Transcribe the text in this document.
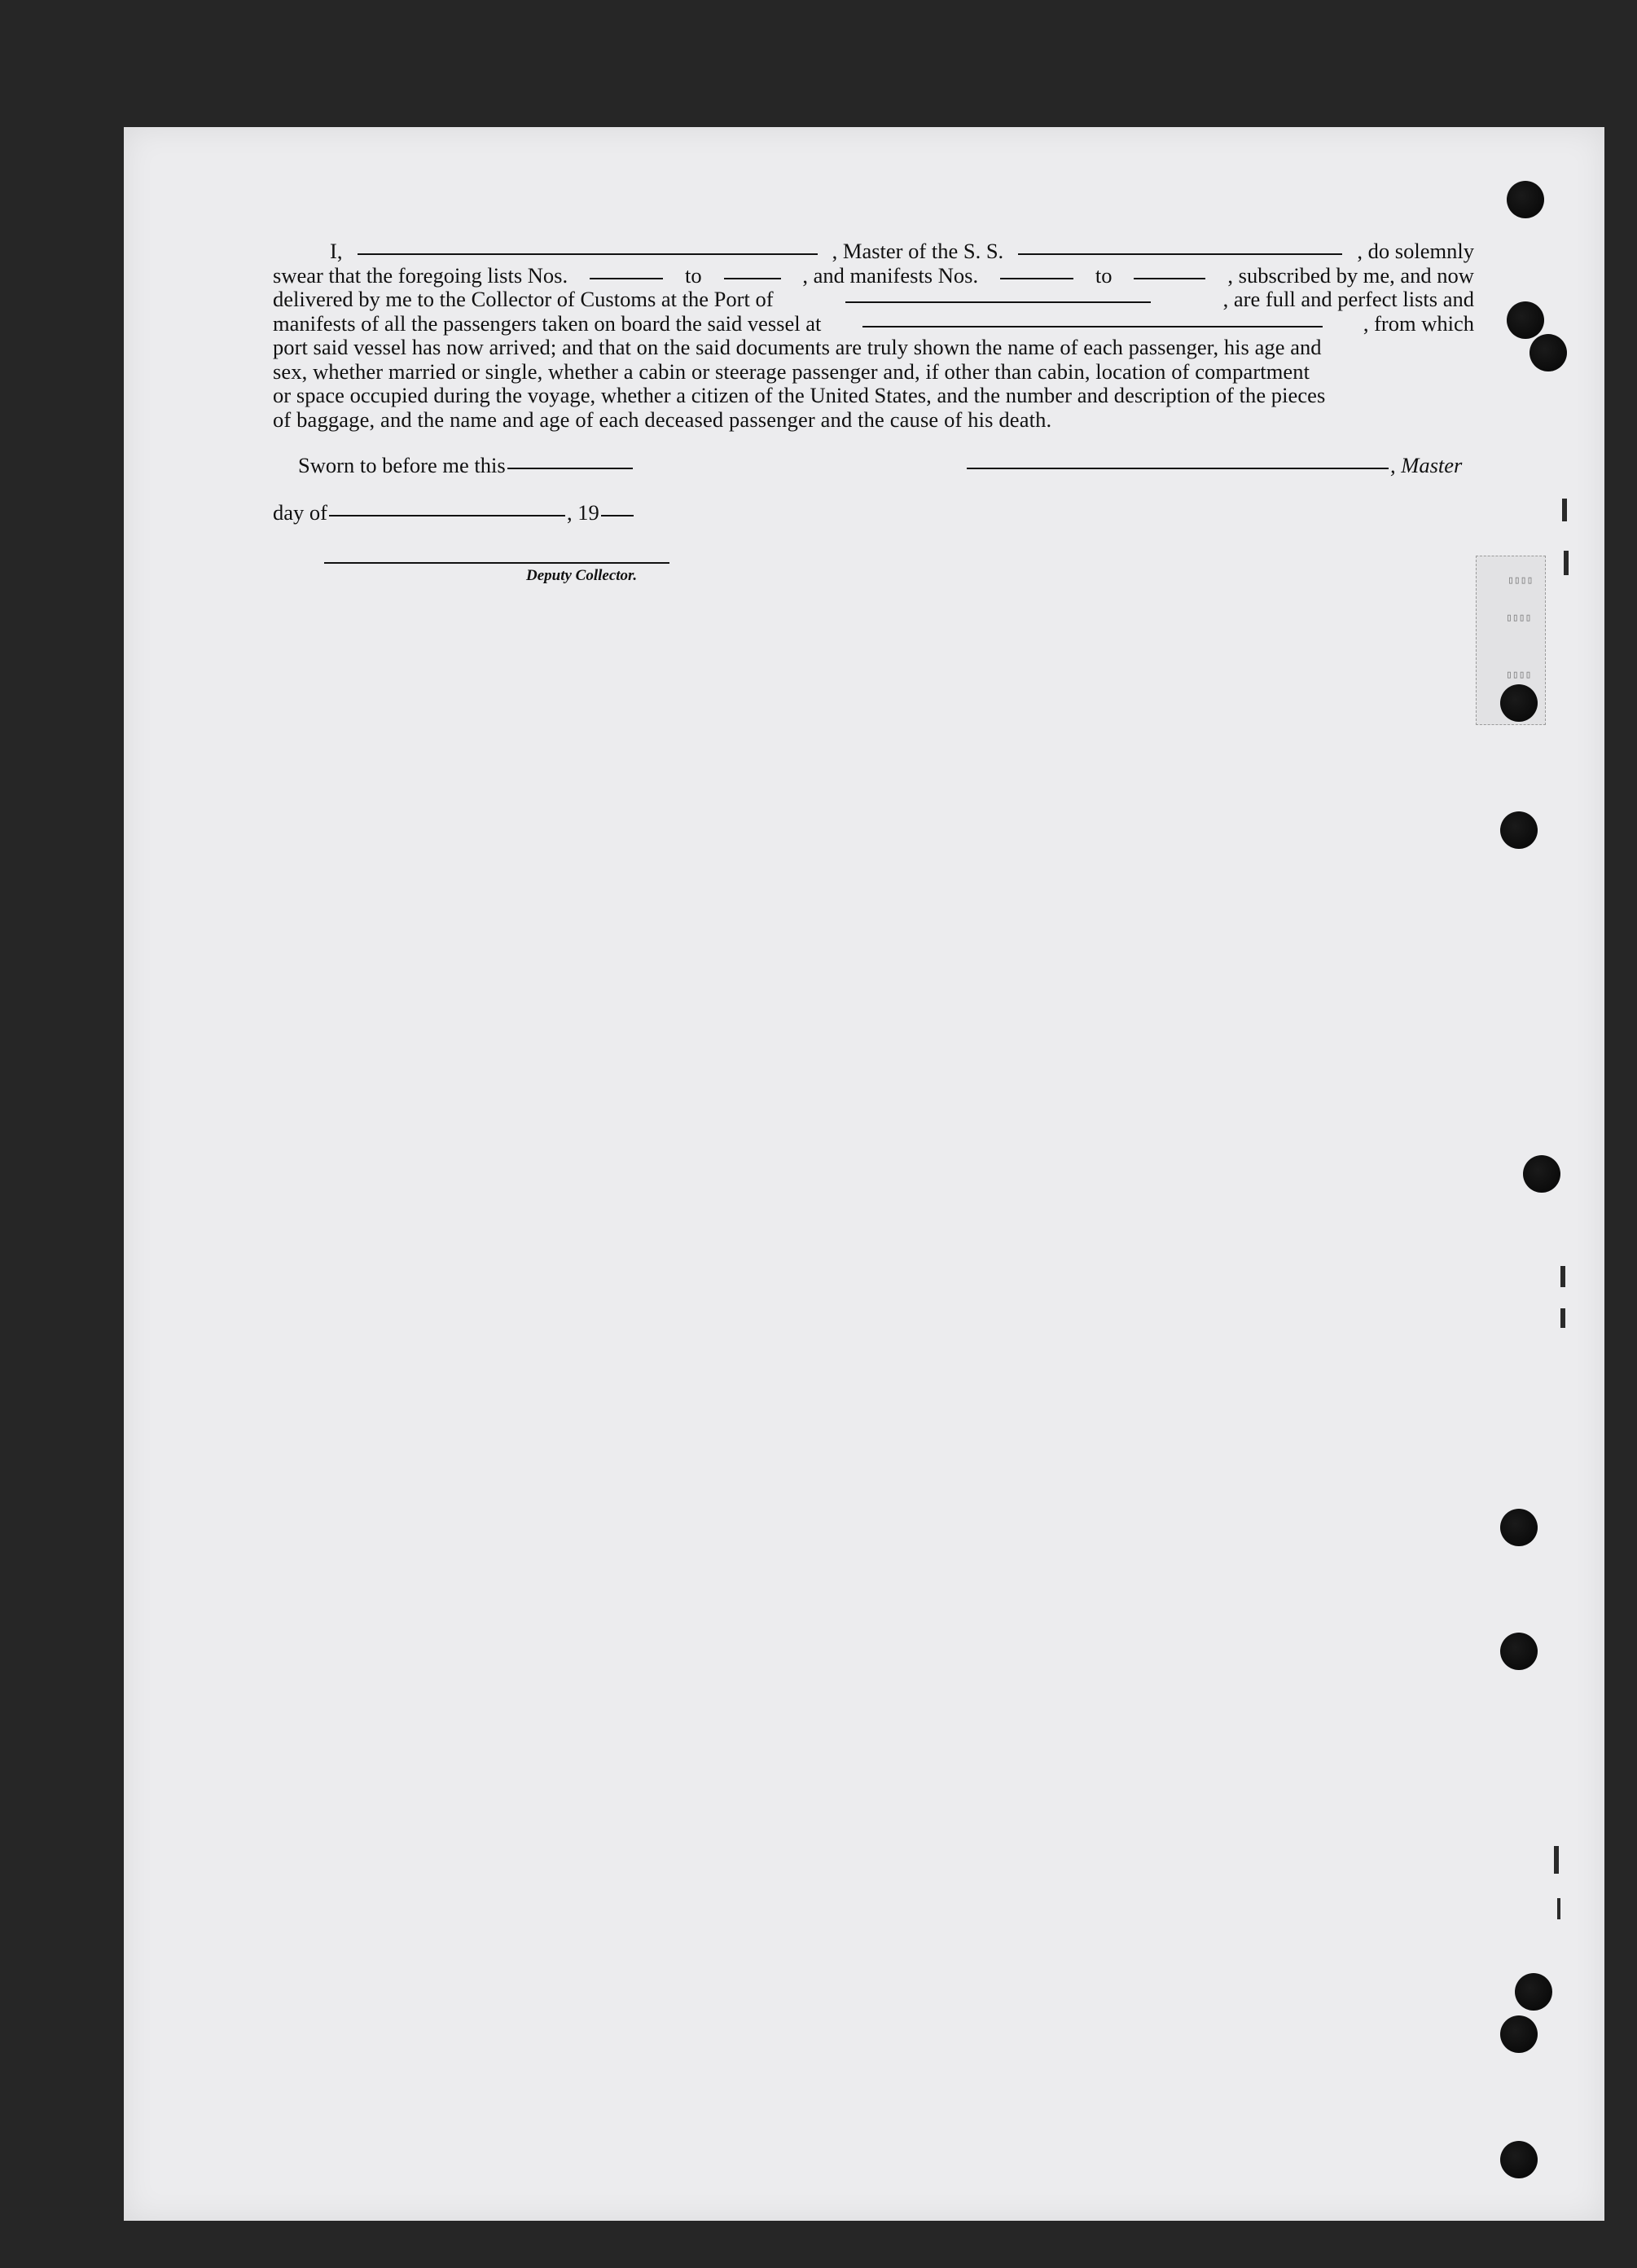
I,	, Master of the S. S.	, do solemnly
swear that the foregoing lists Nos.	to	, and manifests Nos.	to	, subscribed by me, and now
delivered by me to the Collector of Customs at the Port of	, are full and perfect lists and
manifests of all the passengers taken on board the said vessel at	, from which
port said vessel has now arrived; and that on the said documents are truly shown the name of each passenger, his age and
sex, whether married or single, whether a cabin or steerage passenger and, if other than cabin, location of compartment
or space occupied during the voyage, whether a citizen of the United States, and the number and description of the pieces
of baggage, and the name and age of each deceased passenger and the cause of his death.
Sworn to before me this	, Master
day of	, 19
Deputy Collector.	▯▯▯▯
▯▯▯▯
▯▯▯▯
